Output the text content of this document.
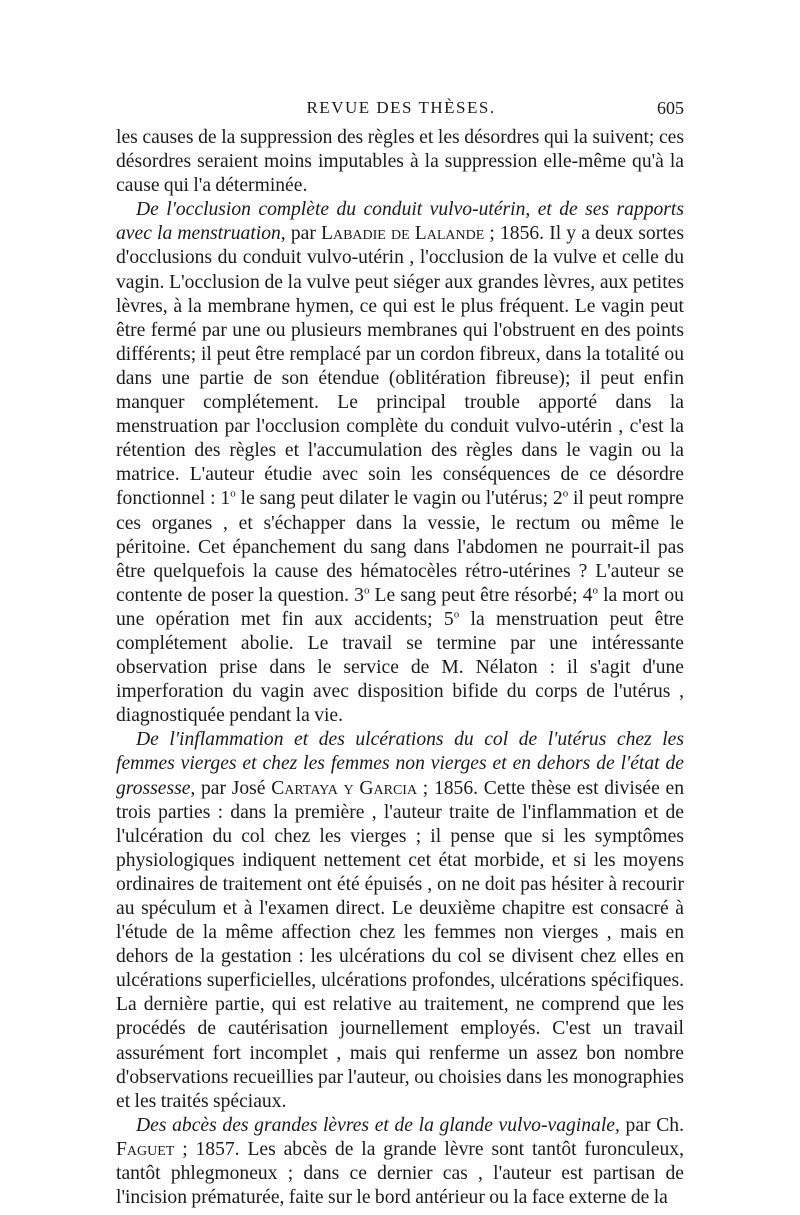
REVUE DES THÈSES.	605

les causes de la suppression des règles et les désordres qui la suivent; ces désordres seraient moins imputables à la suppression elle-même qu'à la cause qui l'a déterminée.

De l'occlusion complète du conduit vulvo-utérin, et de ses rapports avec la menstruation, par Labadie de Lalande ; 1856. Il y a deux sortes d'occlusions du conduit vulvo-utérin , l'occlusion de la vulve et celle du vagin. L'occlusion de la vulve peut siéger aux grandes lèvres, aux petites lèvres, à la membrane hymen, ce qui est le plus fréquent. Le vagin peut être fermé par une ou plusieurs membranes qui l'obstruent en des points différents; il peut être remplacé par un cordon fibreux, dans la totalité ou dans une partie de son étendue (oblitération fibreuse); il peut enfin manquer complétement. Le principal trouble apporté dans la menstruation par l'occlusion complète du conduit vulvo-utérin , c'est la rétention des règles et l'accumulation des règles dans le vagin ou la matrice. L'auteur étudie avec soin les conséquences de ce désordre fonctionnel : 1$^o$ le sang peut dilater le vagin ou l'utérus; 2$^o$ il peut rompre ces organes , et s'échapper dans la vessie, le rectum ou même le péritoine. Cet épanchement du sang dans l'abdomen ne pourrait-il pas être quelquefois la cause des hématocèles rétro-utérines ? L'auteur se contente de poser la question. 3$^o$ Le sang peut être résorbé; 4$^o$ la mort ou une opération met fin aux accidents; 5$^o$ la menstruation peut être complétement abolie. Le travail se termine par une intéressante observation prise dans le service de M. Nélaton : il s'agit d'une imperforation du vagin avec disposition bifide du corps de l'utérus , diagnostiquée pendant la vie.

De l'inflammation et des ulcérations du col de l'utérus chez les femmes vierges et chez les femmes non vierges et en dehors de l'état de grossesse, par José Cartaya y Garcia ; 1856. Cette thèse est divisée en trois parties : dans la première , l'auteur traite de l'inflammation et de l'ulcération du col chez les vierges ; il pense que si les symptômes physiologiques indiquent nettement cet état morbide, et si les moyens ordinaires de traitement ont été épuisés , on ne doit pas hésiter à recourir au spéculum et à l'examen direct. Le deuxième chapitre est consacré à l'étude de la même affection chez les femmes non vierges , mais en dehors de la gestation : les ulcérations du col se divisent chez elles en ulcérations superficielles, ulcérations profondes, ulcérations spécifiques. La dernière partie, qui est relative au traitement, ne comprend que les procédés de cautérisation journellement employés. C'est un travail assurément fort incomplet , mais qui renferme un assez bon nombre d'observations recueillies par l'auteur, ou choisies dans les monographies et les traités spéciaux.

Des abcès des grandes lèvres et de la glande vulvo-vaginale, par Ch. Faguet ; 1857. Les abcès de la grande lèvre sont tantôt furonculeux, tantôt phlegmoneux ; dans ce dernier cas , l'auteur est partisan de l'incision prématurée, faite sur le bord antérieur ou la face externe de la
